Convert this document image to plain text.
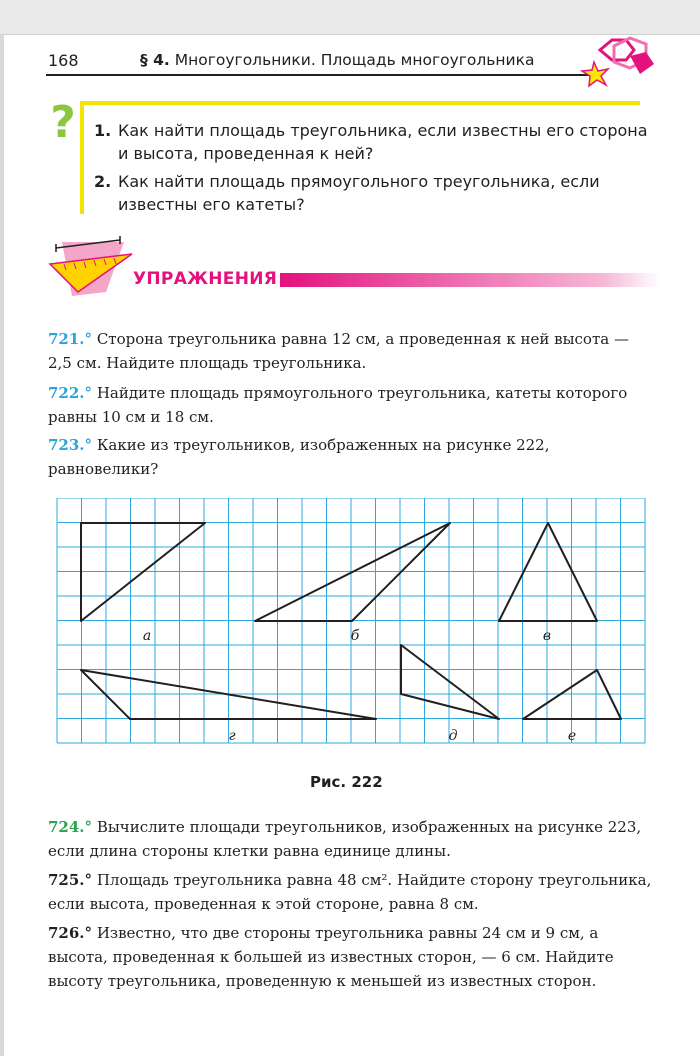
168	§ 4. Многоугольники. Площадь многоугольника
? 1. Как найти площадь треугольника, если известны его сторона и высота, проведенная к ней?
2. Как найти площадь прямоугольного треугольника, если известны его катеты?
УПРАЖНЕНИЯ
721.° Сторона треугольника равна 12 см, а проведенная к ней высота — 2,5 см. Найдите площадь треугольника.
722.° Найдите площадь прямоугольного треугольника, катеты которого равны 10 см и 18 см.
723.° Какие из треугольников, изображенных на рисунке 222, равновелики?
а	б	в
г	д	е
Рис. 222
724.° Вычислите площади треугольников, изображенных на рисунке 223, если длина стороны клетки равна единице длины.
725.° Площадь треугольника равна 48 см². Найдите сторону треугольника, если высота, проведенная к этой стороне, равна 8 см.
726.° Известно, что две стороны треугольника равны 24 см и 9 см, а высота, проведенная к большей из известных сторон, — 6 см. Найдите высоту треугольника, проведенную к меньшей из известных сторон.
